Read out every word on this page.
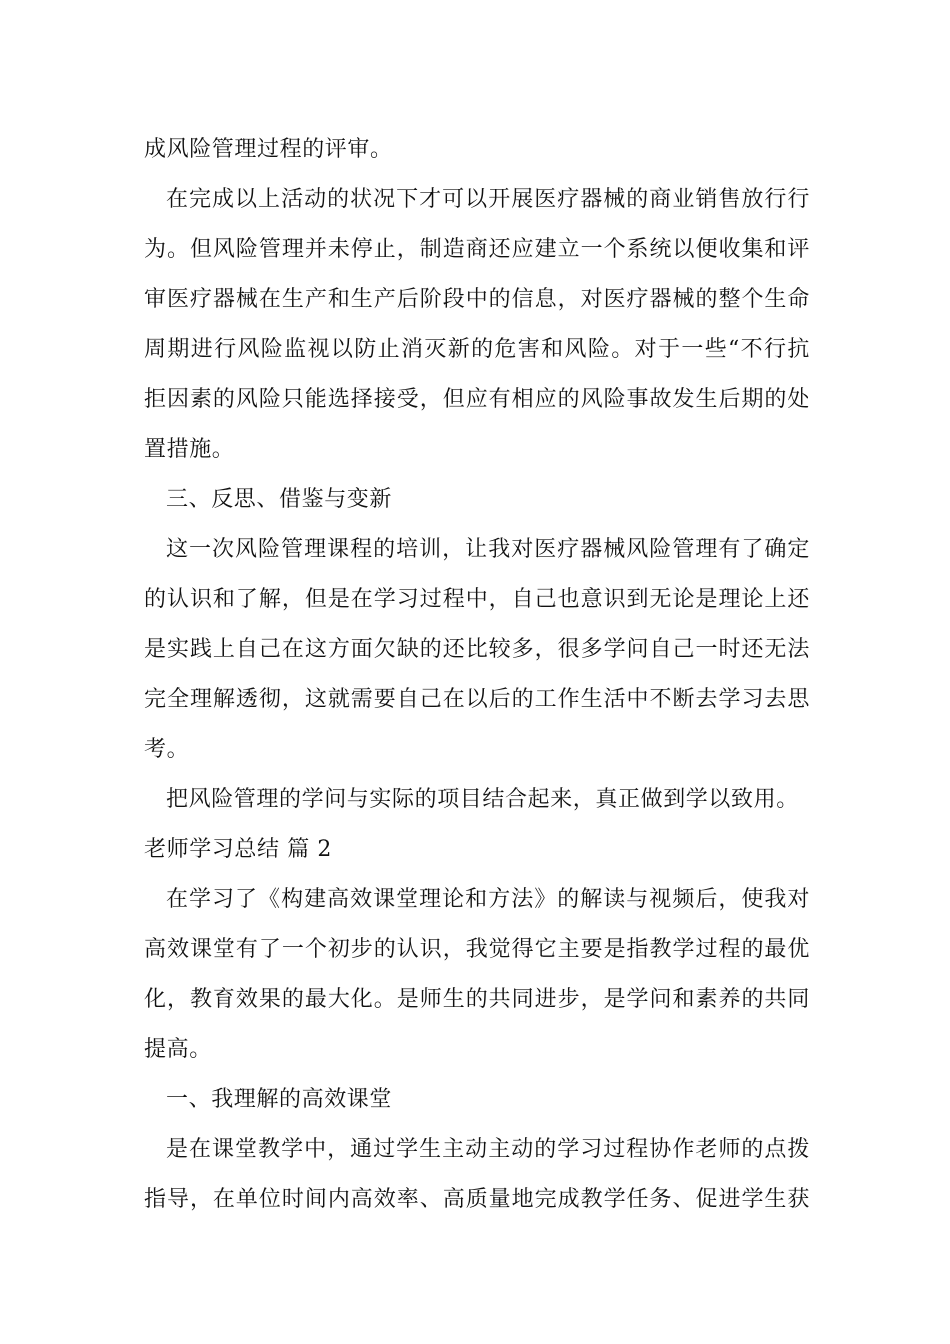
成风险管理过程的评审。
在完成以上活动的状况下才可以开展医疗器械的商业销售放行行
为。但风险管理并未停止，制造商还应建立一个系统以便收集和评
审医疗器械在生产和生产后阶段中的信息，对医疗器械的整个生命
周期进行风险监视以防止消灭新的危害和风险。对于一些“不行抗
拒因素的风险只能选择接受，但应有相应的风险事故发生后期的处
置措施。
三、反思、借鉴与变新
这一次风险管理课程的培训，让我对医疗器械风险管理有了确定
的认识和了解，但是在学习过程中，自己也意识到无论是理论上还
是实践上自己在这方面欠缺的还比较多，很多学问自己一时还无法
完全理解透彻，这就需要自己在以后的工作生活中不断去学习去思
考。
把风险管理的学问与实际的项目结合起来，真正做到学以致用。
老师学习总结 篇 2
在学习了《构建高效课堂理论和方法》的解读与视频后，使我对
高效课堂有了一个初步的认识，我觉得它主要是指教学过程的最优
化，教育效果的最大化。是师生的共同进步，是学问和素养的共同
提高。
一、我理解的高效课堂
是在课堂教学中，通过学生主动主动的学习过程协作老师的点拨
指导，在单位时间内高效率、高质量地完成教学任务、促进学生获
